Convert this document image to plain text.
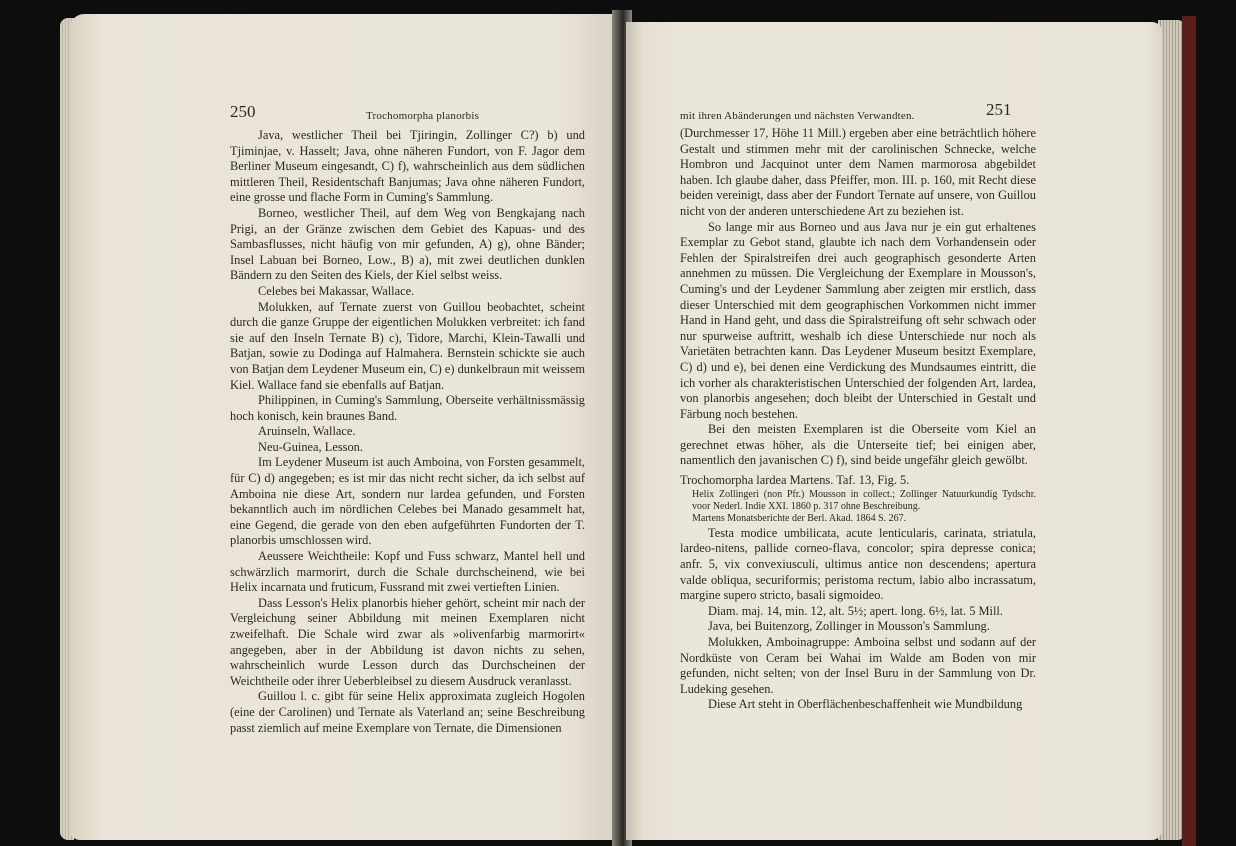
250	Trochomorpha planorbis

Java, westlicher Theil bei Tjiringin, Zollinger C?) b) und Tjiminjae, v. Hasselt; Java, ohne näheren Fundort, von F. Jagor dem Berliner Museum eingesandt, C) f), wahrscheinlich aus dem südlichen mittleren Theil, Residentschaft Banjumas; Java ohne näheren Fundort, eine grosse und flache Form in Cuming's Sammlung.

Borneo, westlicher Theil, auf dem Weg von Bengkajang nach Prigi, an der Gränze zwischen dem Gebiet des Kapuas- und des Sambasflusses, nicht häufig von mir gefunden, A) g), ohne Bänder; Insel Labuan bei Borneo, Low., B) a), mit zwei deutlichen dunklen Bändern zu den Seiten des Kiels, der Kiel selbst weiss.

Celebes bei Makassar, Wallace.

Molukken, auf Ternate zuerst von Guillou beobachtet, scheint durch die ganze Gruppe der eigentlichen Molukken verbreitet: ich fand sie auf den Inseln Ternate B) c), Tidore, Marchi, Klein-Tawalli und Batjan, sowie zu Dodinga auf Halmahera. Bernstein schickte sie auch von Batjan dem Leydener Museum ein, C) e) dunkelbraun mit weissem Kiel. Wallace fand sie ebenfalls auf Batjan.

Philippinen, in Cuming's Sammlung, Oberseite verhältnissmässig hoch konisch, kein braunes Band.

Aruinseln, Wallace.

Neu-Guinea, Lesson.

Im Leydener Museum ist auch Amboina, von Forsten gesammelt, für C) d) angegeben; es ist mir das nicht recht sicher, da ich selbst auf Amboina nie diese Art, sondern nur lardea gefunden, und Forsten bekanntlich auch im nördlichen Celebes bei Manado gesammelt hat, eine Gegend, die gerade von den eben aufgeführten Fundorten der T. planorbis umschlossen wird.

Aeussere Weichtheile: Kopf und Fuss schwarz, Mantel hell und schwärzlich marmorirt, durch die Schale durchscheinend, wie bei Helix incarnata und fruticum, Fussrand mit zwei vertieften Linien.

Dass Lesson's Helix planorbis hieher gehört, scheint mir nach der Vergleichung seiner Abbildung mit meinen Exemplaren nicht zweifelhaft. Die Schale wird zwar als »olivenfarbig marmorirt« angegeben, aber in der Abbildung ist davon nichts zu sehen, wahrscheinlich wurde Lesson durch das Durchscheinen der Weichtheile oder ihrer Ueberbleibsel zu diesem Ausdruck veranlasst.

Guillou l. c. gibt für seine Helix approximata zugleich Hogolen (eine der Carolinen) und Ternate als Vaterland an; seine Beschreibung passt ziemlich auf meine Exemplare von Ternate, die Dimensionen

mit ihren Abänderungen und nächsten Verwandten.	251

(Durchmesser 17, Höhe 11 Mill.) ergeben aber eine beträchtlich höhere Gestalt und stimmen mehr mit der carolinischen Schnecke, welche Hombron und Jacquinot unter dem Namen marmorosa abgebildet haben. Ich glaube daher, dass Pfeiffer, mon. III. p. 160, mit Recht diese beiden vereinigt, dass aber der Fundort Ternate auf unsere, von Guillou nicht von der anderen unterschiedene Art zu beziehen ist.

So lange mir aus Borneo und aus Java nur je ein gut erhaltenes Exemplar zu Gebot stand, glaubte ich nach dem Vorhandensein oder Fehlen der Spiralstreifen drei auch geographisch gesonderte Arten annehmen zu müssen. Die Vergleichung der Exemplare in Mousson's, Cuming's und der Leydener Sammlung aber zeigten mir erstlich, dass dieser Unterschied mit dem geographischen Vorkommen nicht immer Hand in Hand geht, und dass die Spiralstreifung oft sehr schwach oder nur spurweise auftritt, weshalb ich diese Unterschiede nur noch als Varietäten betrachten kann. Das Leydener Museum besitzt Exemplare, C) d) und e), bei denen eine Verdickung des Mundsaumes eintritt, die ich vorher als charakteristischen Unterschied der folgenden Art, lardea, von planorbis angesehen; doch bleibt der Unterschied in Gestalt und Färbung noch bestehen.

Bei den meisten Exemplaren ist die Oberseite vom Kiel an gerechnet etwas höher, als die Unterseite tief; bei einigen aber, namentlich den javanischen C) f), sind beide ungefähr gleich gewölbt.

Trochomorpha lardea Martens. Taf. 13, Fig. 5.

Helix Zollingeri (non Pfr.) Mousson in collect.; Zollinger Natuurkundig Tydschr. voor Nederl. Indie XXI. 1860 p. 317 ohne Beschreibung.

Martens Monatsberichte der Berl. Akad. 1864 S. 267.

Testa modice umbilicata, acute lenticularis, carinata, striatula, lardeo-nitens, pallide corneo-flava, concolor; spira depresse conica; anfr. 5, vix convexiusculi, ultimus antice non descendens; apertura valde obliqua, securiformis; peristoma rectum, labio albo incrassatum, margine supero stricto, basali sigmoideo.

Diam. maj. 14, min. 12, alt. 5½; apert. long. 6½, lat. 5 Mill.

Java, bei Buitenzorg, Zollinger in Mousson's Sammlung.

Molukken, Amboinagruppe: Amboina selbst und sodann auf der Nordküste von Ceram bei Wahai im Walde am Boden von mir gefunden, nicht selten; von der Insel Buru in der Sammlung von Dr. Ludeking gesehen.

Diese Art steht in Oberflächenbeschaffenheit wie Mundbildung
